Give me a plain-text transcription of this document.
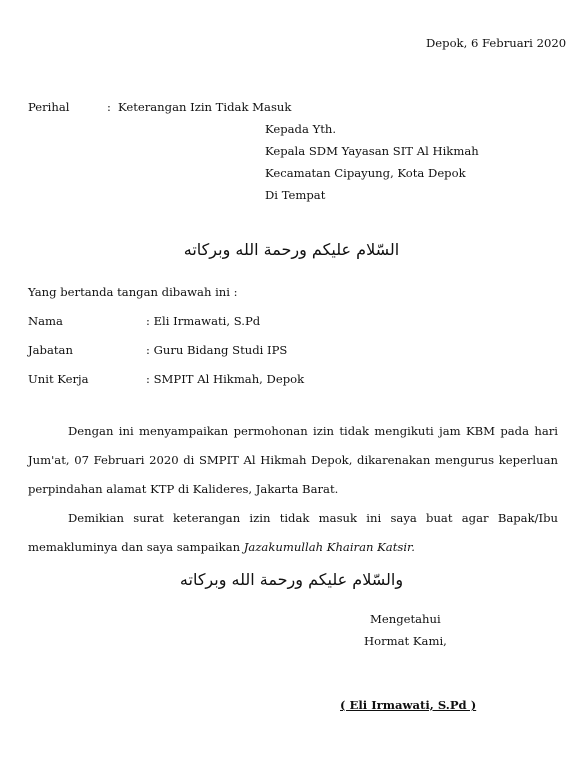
Depok, 6 Februari 2020
Perihal	: Keterangan Izin Tidak Masuk
Kepada Yth.
Kepala SDM Yayasan SIT Al Hikmah
Kecamatan Cipayung, Kota Depok
Di Tempat
السّلام عليكم ورحمة الله وبركاته
Yang bertanda tangan dibawah ini :
Nama	: Eli Irmawati, S.Pd
Jabatan	: Guru Bidang Studi IPS
Unit Kerja	: SMPIT Al Hikmah, Depok
Dengan ini menyampaikan permohonan izin tidak mengikuti jam KBM pada hari
Jum'at, 07 Februari 2020 di SMPIT Al Hikmah Depok, dikarenakan mengurus keperluan
perpindahan alamat KTP di Kalideres, Jakarta Barat.
Demikian surat keterangan izin tidak masuk ini saya buat agar Bapak/Ibu
memakluminya dan saya sampaikan Jazakumullah Khairan Katsir.
والسّلام عليكم ورحمة الله وبركاته
Mengetahui
Hormat Kami,
( Eli Irmawati, S.Pd )
